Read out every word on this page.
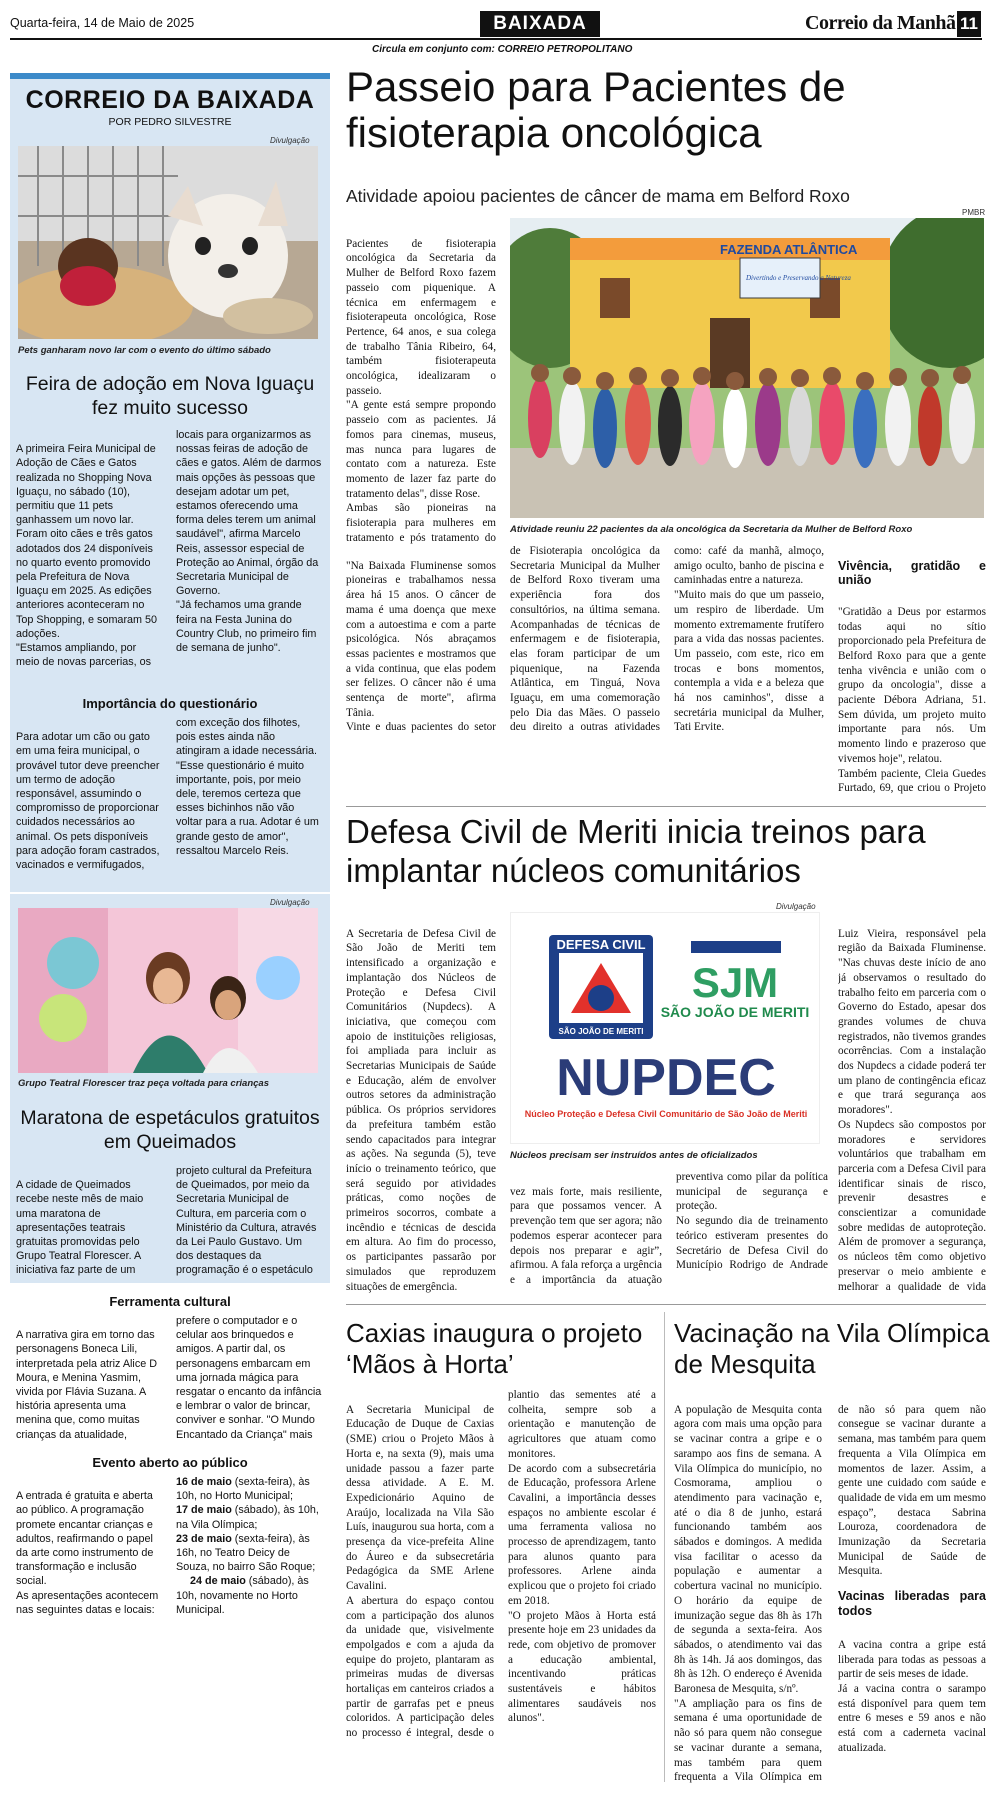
Quarta-feira, 14 de Maio de 2025	BAIXADA	Correio da Manhã 11
Circula em conjunto com: CORREIO PETROPOLITANO
CORREIO DA BAIXADA
POR PEDRO SILVESTRE
Divulgação
Pets ganharam novo lar com o evento do último sábado
Feira de adoção em Nova Iguaçu fez muito sucesso

A primeira Feira Municipal de Adoção de Cães e Gatos realizada no Shopping Nova Iguaçu, no sábado (10), permitiu que 11 pets ganhassem um novo lar. Foram oito cães e três gatos adotados dos 24 disponíveis no quarto evento promovido pela Prefeitura de Nova Iguaçu em 2025. As edições anteriores aconteceram no Top Shopping, e somaram 50 adoções.
"Estamos ampliando, por meio de novas parcerias, os locais para organizarmos as nossas feiras de adoção de cães e gatos. Além de darmos mais opções às pessoas que desejam adotar um pet, estamos oferecendo uma forma deles terem um animal saudável", afirma Marcelo Reis, assessor especial de Proteção ao Animal, órgão da Secretaria Municipal de Governo.
"Já fechamos uma grande feira na Festa Junina do Country Club, no primeiro fim de semana de junho".

Importância do questionário

Para adotar um cão ou gato em uma feira municipal, o provável tutor deve preencher um termo de adoção responsável, assumindo o compromisso de proporcionar cuidados necessários ao animal. Os pets disponíveis para adoção foram castrados, vacinados e vermifugados, com exceção dos filhotes, pois estes ainda não atingiram a idade necessária.
"Esse questionário é muito importante, pois, por meio dele, teremos certeza que esses bichinhos não vão voltar para a rua. Adotar é um grande gesto de amor", ressaltou Marcelo Reis.

Divulgação
Grupo Teatral Florescer traz peça voltada para crianças
Maratona de espetáculos gratuitos em Queimados

A cidade de Queimados recebe neste mês de maio uma maratona de apresentações teatrais gratuitas promovidas pelo Grupo Teatral Florescer. A iniciativa faz parte de um projeto cultural da Prefeitura de Queimados, por meio da Secretaria Municipal de Cultura, em parceria com o Ministério da Cultura, através da Lei Paulo Gustavo. Um dos destaques da programação é o espetáculo

Ferramenta cultural

A narrativa gira em torno das personagens Boneca Lili, interpretada pela atriz Alice D Moura, e Menina Yasmim, vivida por Flávia Suzana. A história apresenta uma menina que, como muitas crianças da atualidade, prefere o computador e o celular aos brinquedos e amigos. A partir dal, os personagens embarcam em uma jornada mágica para resgatar o encanto da infância e lembrar o valor de brincar, conviver e sonhar. "O Mundo Encantado da Criança" mais

Evento aberto ao público

A entrada é gratuita e aberta ao público. A programação promete encantar crianças e adultos, reafirmando o papel da arte como instrumento de transformação e inclusão social.
As apresentações acontecem nas seguintes datas e locais:

16 de maio (sexta-feira), às 10h, no Horto Municipal;
17 de maio (sábado), às 10h, na Vila Olímpica;
23 de maio (sexta-feira), às 16h, no Teatro Deicy de Souza, no bairro São Roque;
24 de maio (sábado), às 10h, novamente no Horto Municipal.
Passeio para Pacientes de fisioterapia oncológica
Atividade apoiou pacientes de câncer de mama em Belford Roxo
PMBR
FAZENDA ATLÂNTICA
Divertindo e Preservando a Natureza
Atividade reuniu 22 pacientes da ala oncológica da Secretaria da Mulher de Belford Roxo

Pacientes de fisioterapia oncológica da Secretaria da Mulher de Belford Roxo fazem passeio com piquenique. A técnica em enfermagem e fisioterapeuta oncológica, Rose Pertence, 64 anos, e sua colega de trabalho Tânia Ribeiro, 64, também fisioterapeuta oncológica, idealizaram o passeio.
"A gente está sempre propondo passeio com as pacientes. Já fomos para cinemas, museus, mas nunca para lugares de contato com a natureza. Este momento de lazer faz parte do tratamento delas", disse Rose.
Ambas são pioneiras na fisioterapia para mulheres em tratamento e pós tratamento do

"Na Baixada Fluminense somos pioneiras e trabalhamos nessa área há 15 anos. O câncer de mama é uma doença que mexe com a autoestima e com a parte psicológica. Nós abraçamos essas pacientes e mostramos que a vida continua, que elas podem ser felizes. O câncer não é uma sentença de morte", afirma Tânia.
Vinte e duas pacientes do setor de Fisioterapia oncológica da Secretaria Municipal da Mulher de Belford Roxo tiveram uma experiência fora dos consultórios, na última semana. Acompanhadas de técnicas de enfermagem e de fisioterapia, elas foram participar de um piquenique, na Fazenda Atlântica, em Tinguá, Nova Iguaçu, em uma comemoração pelo Dia das Mães. O passeio deu direito a outras atividades como: café da manhã, almoço, amigo oculto, banho de piscina e caminhadas entre a natureza.
"Muito mais do que um passeio, um respiro de liberdade. Um momento extremamente frutífero para a vida das nossas pacientes. Um passeio, com este, rico em trocas e bons momentos, contempla a vida e a beleza que há nos caminhos", disse a secretária municipal da Mulher, Tati Ervite.

Vivência, gratidão e união

"Gratidão a Deus por estarmos todas aqui no sítio proporcionado pela Prefeitura de Belford Roxo para que a gente tenha vivência e união com o grupo da oncologia", disse a paciente Débora Adriana, 51. Sem dúvida, um projeto muito importante para nós. Um momento lindo e prazeroso que vivemos hoje", relatou.
Também paciente, Cleia Guedes Furtado, 69, que criou o Projeto

Defesa Civil de Meriti inicia treinos para implantar núcleos comunitários
Divulgação
DEFESA CIVIL
SÃO JOÃO DE MERITI
SJM
SÃO JOÃO DE MERITI
NUPDEC
Núcleo Proteção e Defesa Civil Comunitário de São João de Meriti
Núcleos precisam ser instruídos antes de oficializados

A Secretaria de Defesa Civil de São João de Meriti tem intensificado a organização e implantação dos Núcleos de Proteção e Defesa Civil Comunitários (Nupdecs). A iniciativa, que começou com apoio de instituições religiosas, foi ampliada para incluir as Secretarias Municipais de Saúde e Educação, além de envolver outros setores da administração pública. Os próprios servidores da prefeitura também estão sendo capacitados para integrar as ações. Na segunda (5), teve início o treinamento teórico, que será seguido por atividades práticas, como noções de primeiros socorros, combate a incêndio e técnicas de descida em altura. Ao fim do processo, os participantes passarão por simulados que reproduzem situações de emergência.

Luiz Vieira, responsável pela região da Baixada Fluminense. "Nas chuvas deste início de ano já observamos o resultado do trabalho feito em parceria com o Governo do Estado, apesar dos grandes volumes de chuva registrados, não tivemos grandes ocorrências. Com a instalação dos Nupdecs a cidade poderá ter um plano de contingência eficaz e que trará segurança aos moradores".
Os Nupdecs são compostos por moradores e servidores voluntários que trabalham em parceria com a Defesa Civil para identificar sinais de risco, prevenir desastres e conscientizar a comunidade sobre medidas de autoproteção. Além de promover a segurança, os núcleos têm como objetivo preservar o meio ambiente e melhorar a qualidade de vida

vez mais forte, mais resiliente, para que possamos vencer. A prevenção tem que ser agora; não podemos esperar acontecer para depois nos preparar e agir”, afirmou. A fala reforça a urgência e a importância da atuação preventiva como pilar da política municipal de segurança e proteção.
No segundo dia de treinamento teórico estiveram presentes do Secretário de Defesa Civil do Município Rodrigo de Andrade

Caxias inaugura o projeto ‘Mãos à Horta’

A Secretaria Municipal de Educação de Duque de Caxias (SME) criou o Projeto Mãos à Horta e, na sexta (9), mais uma unidade passou a fazer parte dessa atividade. A E. M. Expedicionário Aquino de Araújo, localizada na Vila São Luís, inaugurou sua horta, com a presença da vice-prefeita Aline do Áureo e da subsecretária Pedagógica da SME Arlene Cavalini.
A abertura do espaço contou com a participação dos alunos da unidade que, visivelmente empolgados e com a ajuda da equipe do projeto, plantaram as primeiras mudas de diversas hortaliças em canteiros criados a partir de garrafas pet e pneus coloridos. A participação deles no processo é integral, desde o plantio das sementes até a colheita, sempre sob a orientação e manutenção de agricultores que atuam como monitores.
De acordo com a subsecretária de Educação, professora Arlene Cavalini, a importância desses espaços no ambiente escolar é uma ferramenta valiosa no processo de aprendizagem, tanto para alunos quanto para professores. Arlene ainda explicou que o projeto foi criado em 2018.
"O projeto Mãos à Horta está presente hoje em 23 unidades da rede, com objetivo de promover a educação ambiental, incentivando práticas sustentáveis e hábitos alimentares saudáveis nos alunos".

Vacinação na Vila Olímpica de Mesquita

A população de Mesquita conta agora com mais uma opção para se vacinar contra a gripe e o sarampo aos fins de semana. A Vila Olímpica do município, no Cosmorama, ampliou o atendimento para vacinação e, até o dia 8 de junho, estará funcionando também aos sábados e domingos. A medida visa facilitar o acesso da população e aumentar a cobertura vacinal no município. O horário da equipe de imunização segue das 8h às 17h de segunda a sexta-feira. Aos sábados, o atendimento vai das 8h às 14h. Já aos domingos, das 8h às 12h. O endereço é Avenida Baronesa de Mesquita, s/nº.
"A ampliação para os fins de semana é uma oportunidade de não só para quem não consegue se vacinar durante a semana, mas também para quem frequenta a Vila Olímpica em

de não só para quem não consegue se vacinar durante a semana, mas também para quem frequenta a Vila Olímpica em momentos de lazer. Assim, a gente une cuidado com saúde e qualidade de vida em um mesmo espaço”, destaca Sabrina Louroza, coordenadora de Imunização da Secretaria Municipal de Saúde de Mesquita.

Vacinas liberadas para todos

A vacina contra a gripe está liberada para todas as pessoas a partir de seis meses de idade.
Já a vacina contra o sarampo está disponível para quem tem entre 6 meses e 59 anos e não está com a caderneta vacinal atualizada.
